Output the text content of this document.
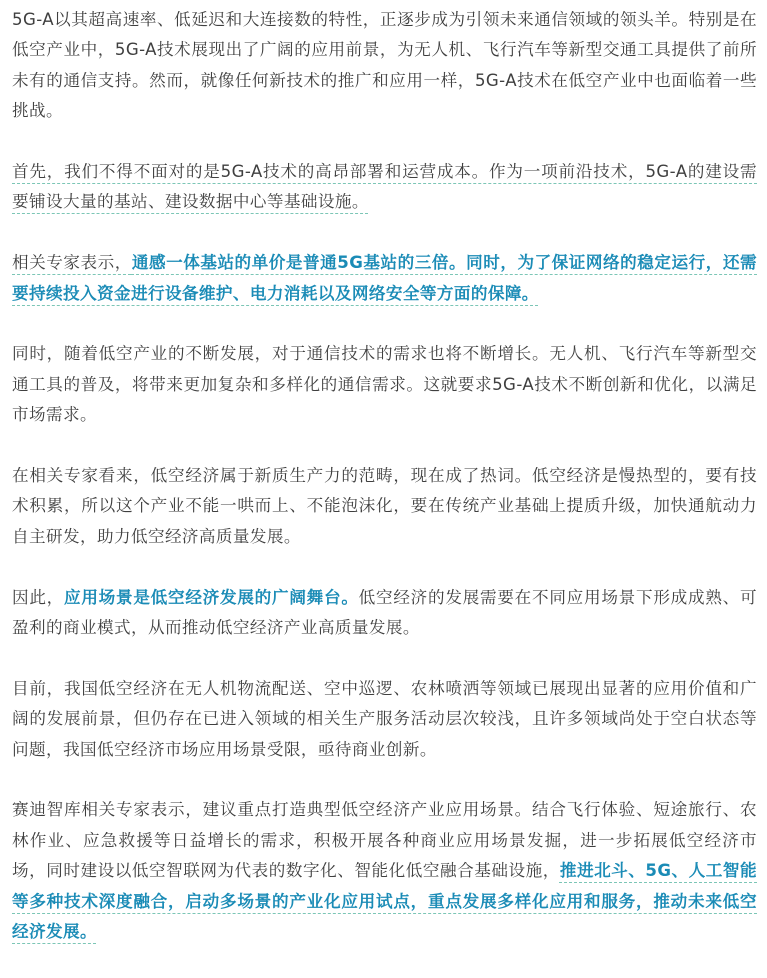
5G-A以其超高速率、低延迟和大连接数的特性，正逐步成为引领未来通信领域的领头羊。特别是在低空产业中，5G-A技术展现出了广阔的应用前景，为无人机、飞行汽车等新型交通工具提供了前所未有的通信支持。然而，就像任何新技术的推广和应用一样，5G-A技术在低空产业中也面临着一些挑战。

首先，我们不得不面对的是5G-A技术的高昂部署和运营成本。作为一项前沿技术，5G-A的建设需要铺设大量的基站、建设数据中心等基础设施。

相关专家表示，通感一体基站的单价是普通5G基站的三倍。同时，为了保证网络的稳定运行，还需要持续投入资金进行设备维护、电力消耗以及网络安全等方面的保障。

同时，随着低空产业的不断发展，对于通信技术的需求也将不断增长。无人机、飞行汽车等新型交通工具的普及，将带来更加复杂和多样化的通信需求。这就要求5G-A技术不断创新和优化，以满足市场需求。

在相关专家看来，低空经济属于新质生产力的范畴，现在成了热词。低空经济是慢热型的，要有技术积累，所以这个产业不能一哄而上、不能泡沫化，要在传统产业基础上提质升级，加快通航动力自主研发，助力低空经济高质量发展。

因此，应用场景是低空经济发展的广阔舞台。低空经济的发展需要在不同应用场景下形成成熟、可盈利的商业模式，从而推动低空经济产业高质量发展。

目前，我国低空经济在无人机物流配送、空中巡逻、农林喷洒等领域已展现出显著的应用价值和广阔的发展前景，但仍存在已进入领域的相关生产服务活动层次较浅，且许多领域尚处于空白状态等问题，我国低空经济市场应用场景受限，亟待商业创新。

赛迪智库相关专家表示，建议重点打造典型低空经济产业应用场景。结合飞行体验、短途旅行、农林作业、应急救援等日益增长的需求，积极开展各种商业应用场景发掘，进一步拓展低空经济市场，同时建设以低空智联网为代表的数字化、智能化低空融合基础设施，推进北斗、5G、人工智能等多种技术深度融合，启动多场景的产业化应用试点，重点发展多样化应用和服务，推动未来低空经济发展。
